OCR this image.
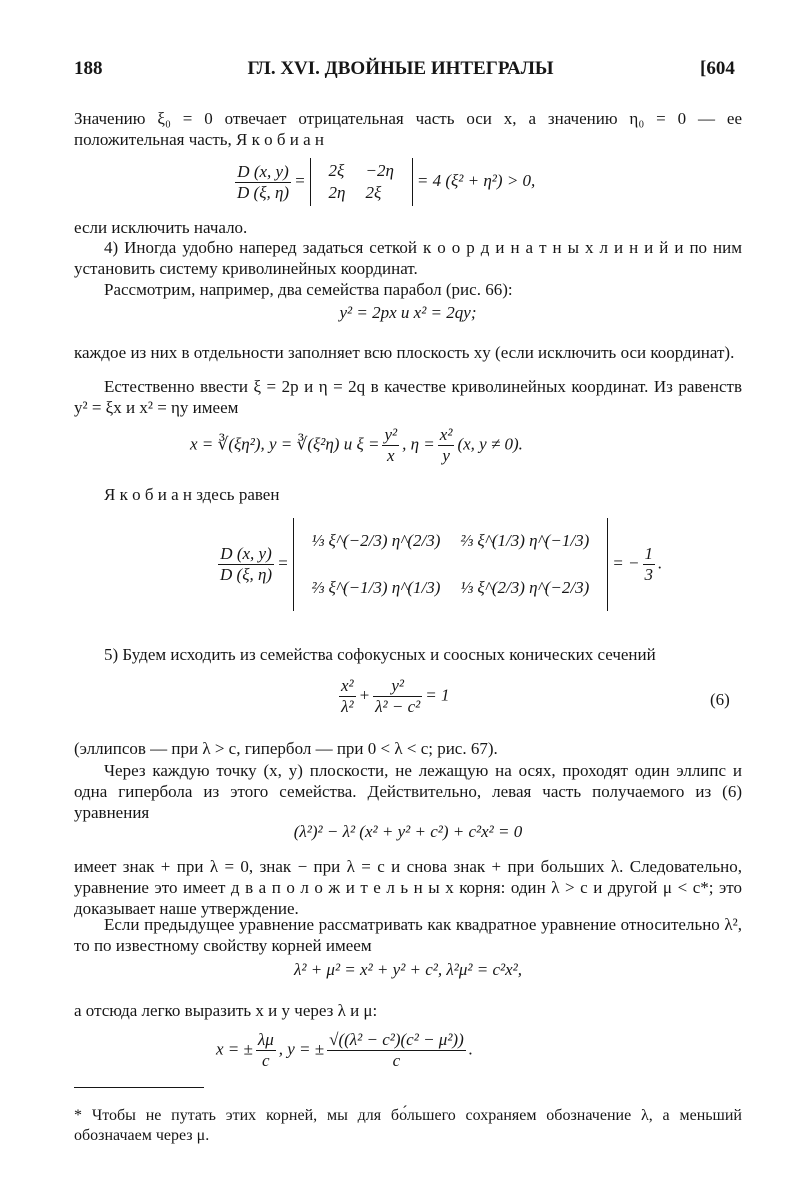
188	ГЛ. XVI. ДВОЙНЫЕ ИНТЕГРАЛЫ	[604
Значению ξ₀ = 0 отвечает отрицательная часть оси x, а значению η₀ = 0 — ее положительная часть, Я к о б и а н
$\frac{D (x, y)}{D (\xi, \eta)}$ =
2ξ	−2η
2η	2ξ
= 4 (ξ² + η²) > 0,
если исключить начало.
4) Иногда удобно наперед задаться сеткой к о о р д и н а т н ы х л и н и й и по ним установить систему криволинейных координат.
Рассмотрим, например, два семейства парабол (рис. 66):
y² = 2px и x² = 2qy;
каждое из них в отдельности заполняет всю плоскость xy (если исключить оси координат).
Естественно ввести ξ = 2p и η = 2q в качестве криволинейных координат. Из равенств y² = ξx и x² = ηy имеем
x = ∛(ξη²), y = ∛(ξ²η) и $\xi = \frac{\text{y²}}{x}$ , $\eta = \frac{\text{x²}}{y} (x$, y ≠ 0).
Я к о б и а н здесь равен
$\frac{D (x, y)}{D (\xi, \eta)}$ =
⅓ ξ^(−2/3) η^(2/3)	⅔ ξ^(1/3) η^(−1/3)
⅔ ξ^(−1/3) η^(1/3)	⅓ ξ^(2/3) η^(−2/3)
= − $\frac{1}{3}$ .
5) Будем исходить из семейства софокусных и соосных конических сечений
$\frac{\text{x²}}{\text{λ²}} + \frac{\text{y²}}{\text{λ² − c²}} = 1$	(6)
(эллипсов — при λ > c, гипербол — при 0 < λ < c; рис. 67).
Через каждую точку (x, y) плоскости, не лежащую на осях, проходят один эллипс и одна гипербола из этого семейства. Действительно, левая часть получаемого из (6) уравнения
(λ²)² − λ² (x² + y² + c²) + c²x² = 0
имеет знак + при λ = 0, знак − при λ = c и снова знак + при больших λ. Следовательно, уравнение это имеет д в а п о л о ж и т е л ь н ы х корня: один λ > c и другой μ < c*; это доказывает наше утверждение.
Если предыдущее уравнение рассматривать как квадратное уравнение относительно λ², то по известному свойству корней имеем
λ² + μ² = x² + y² + c², λ²μ² = c²x²,
а отсюда легко выразить x и y через λ и μ:
x = ± $\frac{\lambda\mu}{c}$ , y = ± $\frac{\text{√((λ² − c²)(c² − μ²))}}{c}$ .
* Чтобы не путать этих корней, мы для бо́льшего сохраняем обозначение λ, а меньший обозначаем через μ.
